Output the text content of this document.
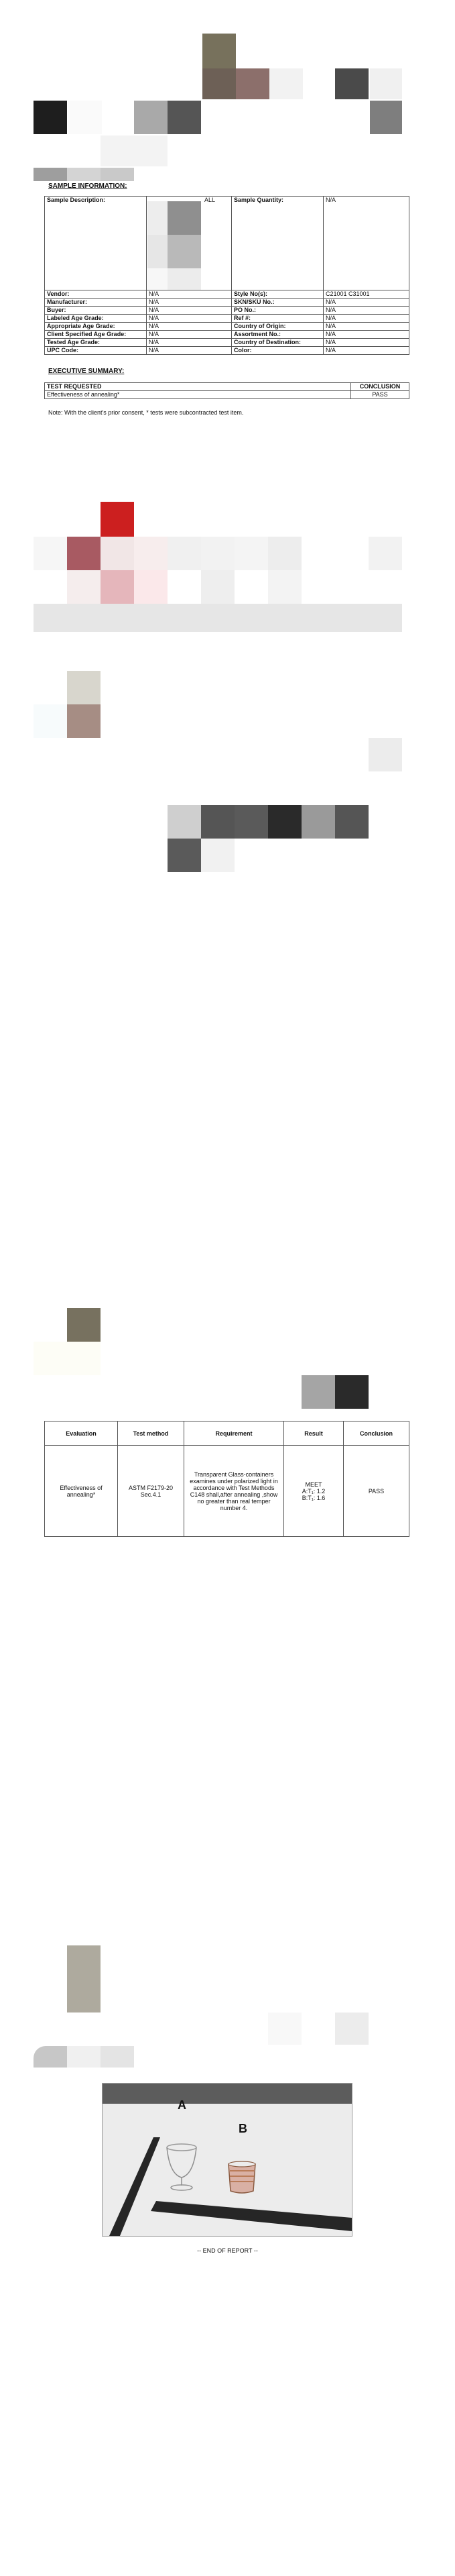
SAMPLE INFORMATION:
Sample Description:	ALL	Sample Quantity:	N/A
Vendor:	N/A	Style No(s):	C21001 C31001
Manufacturer:	N/A	SKN/SKU No.:	N/A
Buyer:	N/A	PO No.:	N/A
Labeled Age Grade:	N/A	Ref #:	N/A
Appropriate Age Grade:	N/A	Country of Origin:	N/A
Client Specified Age Grade:	N/A	Assortment No.:	N/A
Tested Age Grade:	N/A	Country of Destination:	N/A
UPC Code:	N/A	Color:	N/A
EXECUTIVE SUMMARY:
TEST REQUESTED	CONCLUSION
Effectiveness of annealing*	PASS
Note: With the client's prior consent, * tests were subcontracted test item.
Evaluation	Test method	Requirement	Result	Conclusion
Effectiveness of annealing*	ASTM F2179-20 Sec.4.1	Transparent Glass-containers examines under polarized light in accordance with Test Methods C148 shall,after annealing ,show no greater than real temper number 4.	MEET
A:T₁: 1.2
B:T₁: 1.6	PASS
A
B
-- END OF REPORT --
